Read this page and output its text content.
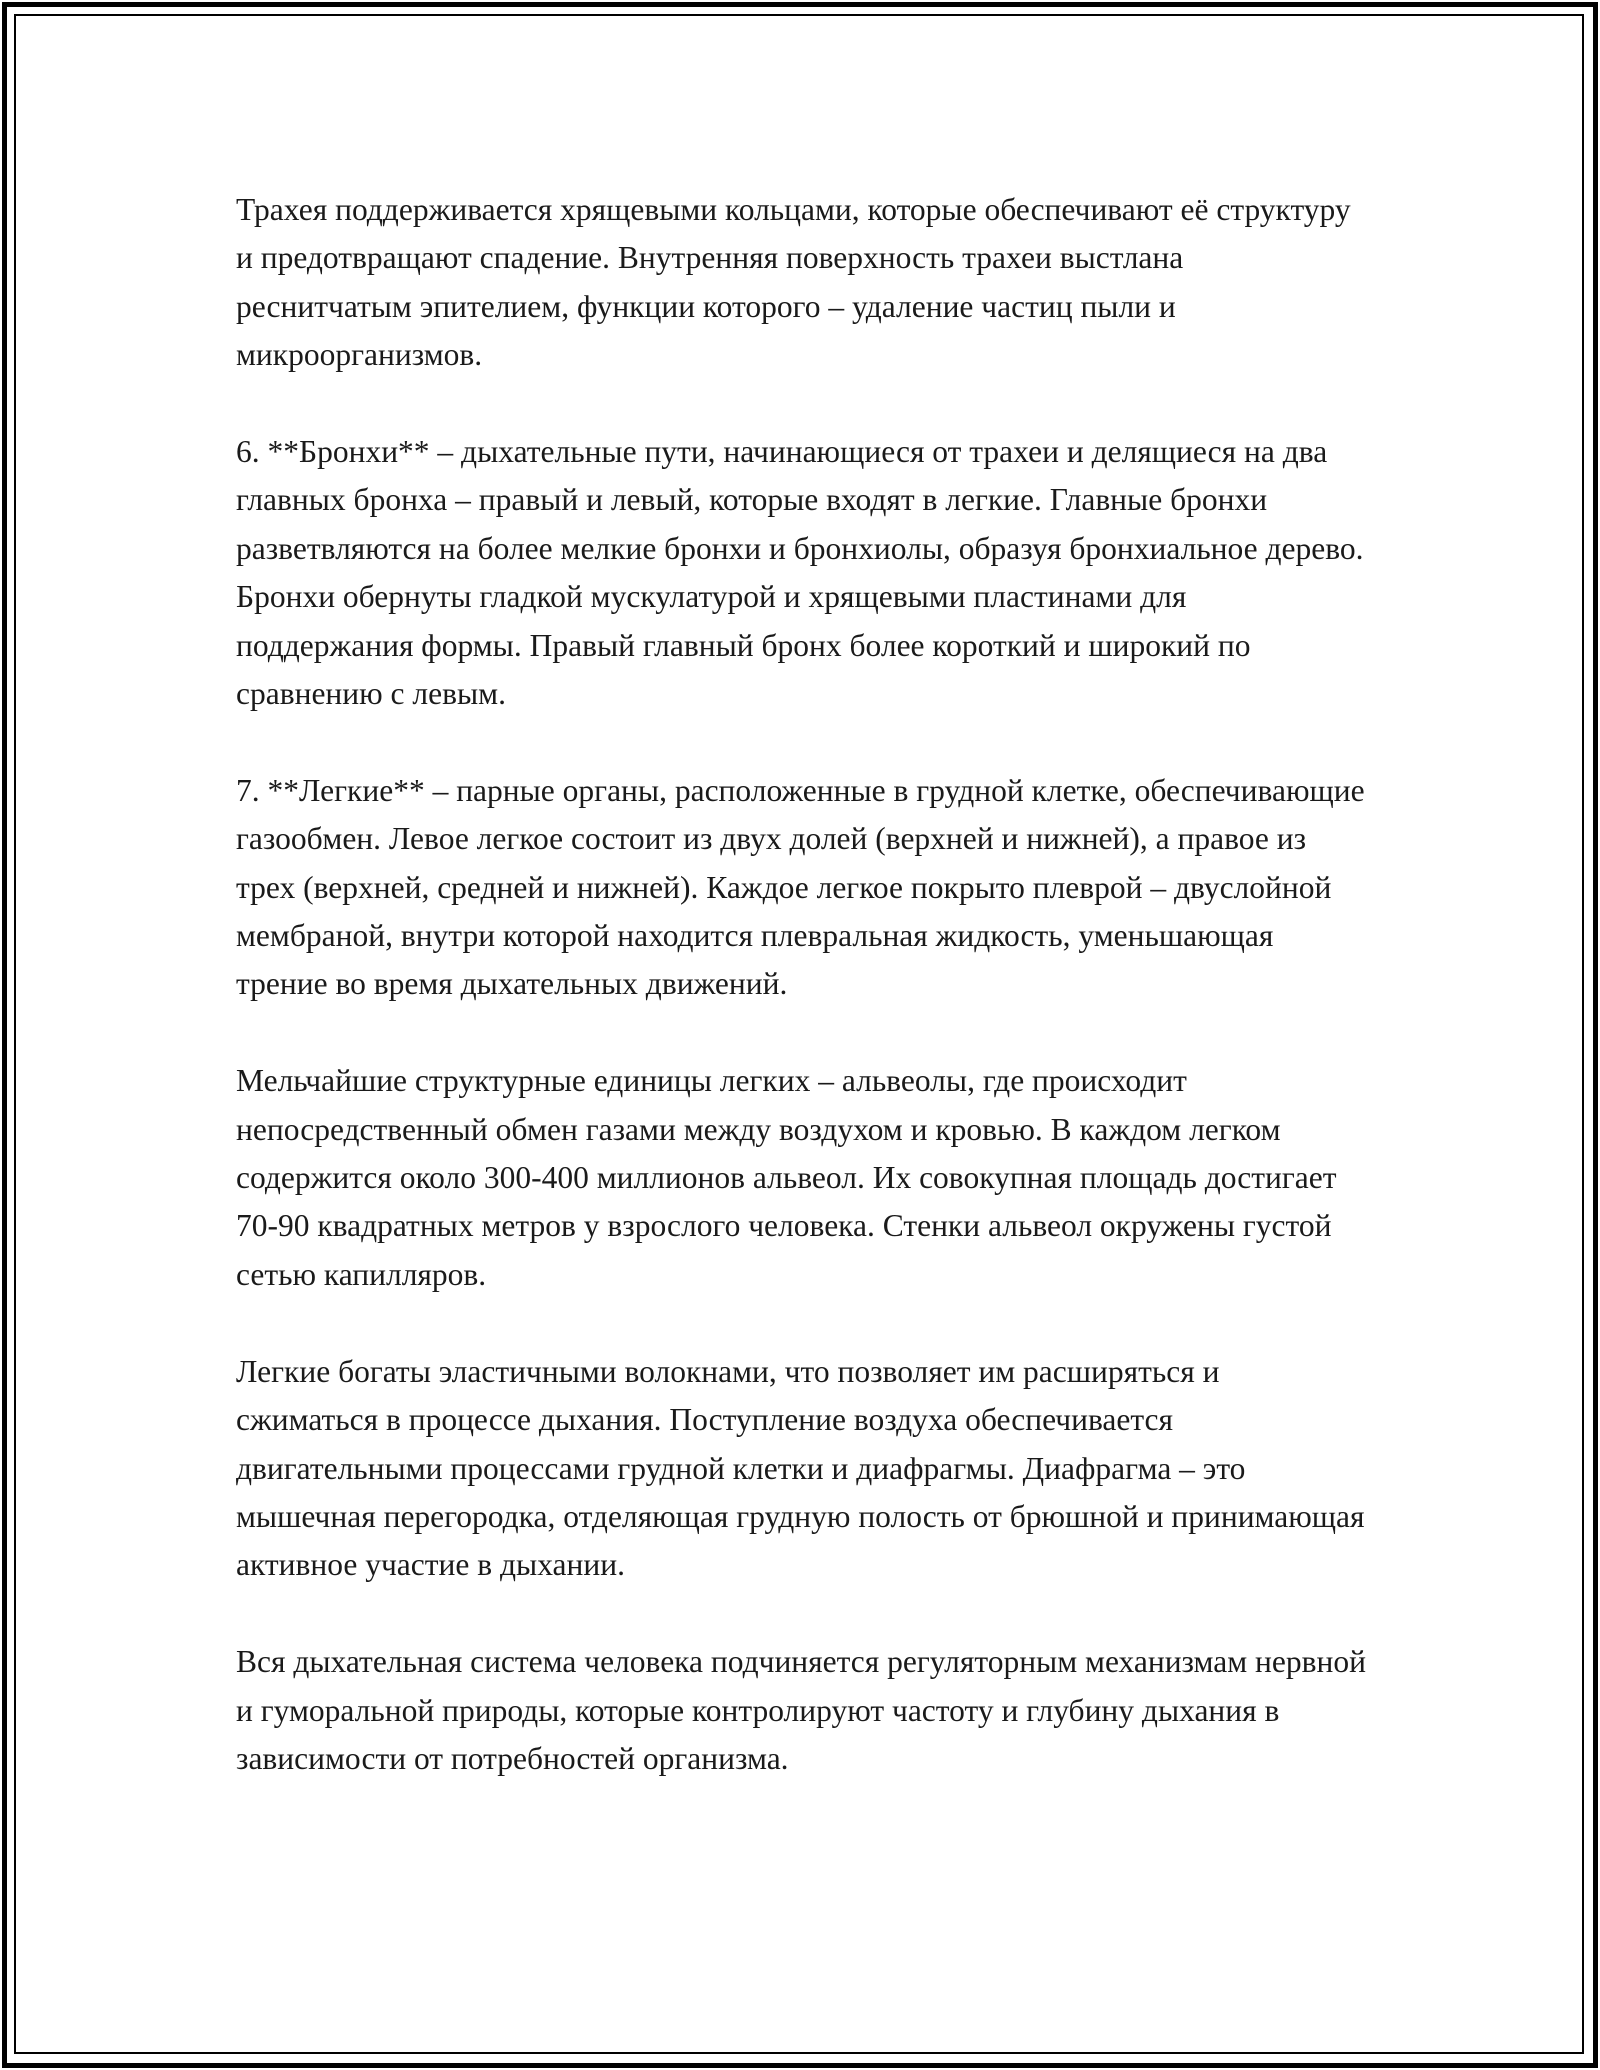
Трахея поддерживается хрящевыми кольцами, которые обеспечивают её структуру и предотвращают спадение. Внутренняя поверхность трахеи выстлана реснитчатым эпителием, функции которого – удаление частиц пыли и микроорганизмов.

6. **Бронхи** – дыхательные пути, начинающиеся от трахеи и делящиеся на два главных бронха – правый и левый, которые входят в легкие. Главные бронхи разветвляются на более мелкие бронхи и бронхиолы, образуя бронхиальное дерево. Бронхи обернуты гладкой мускулатурой и хрящевыми пластинами для поддержания формы. Правый главный бронх более короткий и широкий по сравнению с левым.

7. **Легкие** – парные органы, расположенные в грудной клетке, обеспечивающие газообмен. Левое легкое состоит из двух долей (верхней и нижней), а правое из трех (верхней, средней и нижней). Каждое легкое покрыто плеврой – двуслойной мембраной, внутри которой находится плевральная жидкость, уменьшающая трение во время дыхательных движений.

Мельчайшие структурные единицы легких – альвеолы, где происходит непосредственный обмен газами между воздухом и кровью. В каждом легком содержится около 300-400 миллионов альвеол. Их совокупная площадь достигает 70-90 квадратных метров у взрослого человека. Стенки альвеол окружены густой сетью капилляров.

Легкие богаты эластичными волокнами, что позволяет им расширяться и сжиматься в процессе дыхания. Поступление воздуха обеспечивается двигательными процессами грудной клетки и диафрагмы. Диафрагма – это мышечная перегородка, отделяющая грудную полость от брюшной и принимающая активное участие в дыхании.

Вся дыхательная система человека подчиняется регуляторным механизмам нервной и гуморальной природы, которые контролируют частоту и глубину дыхания в зависимости от потребностей организма.
